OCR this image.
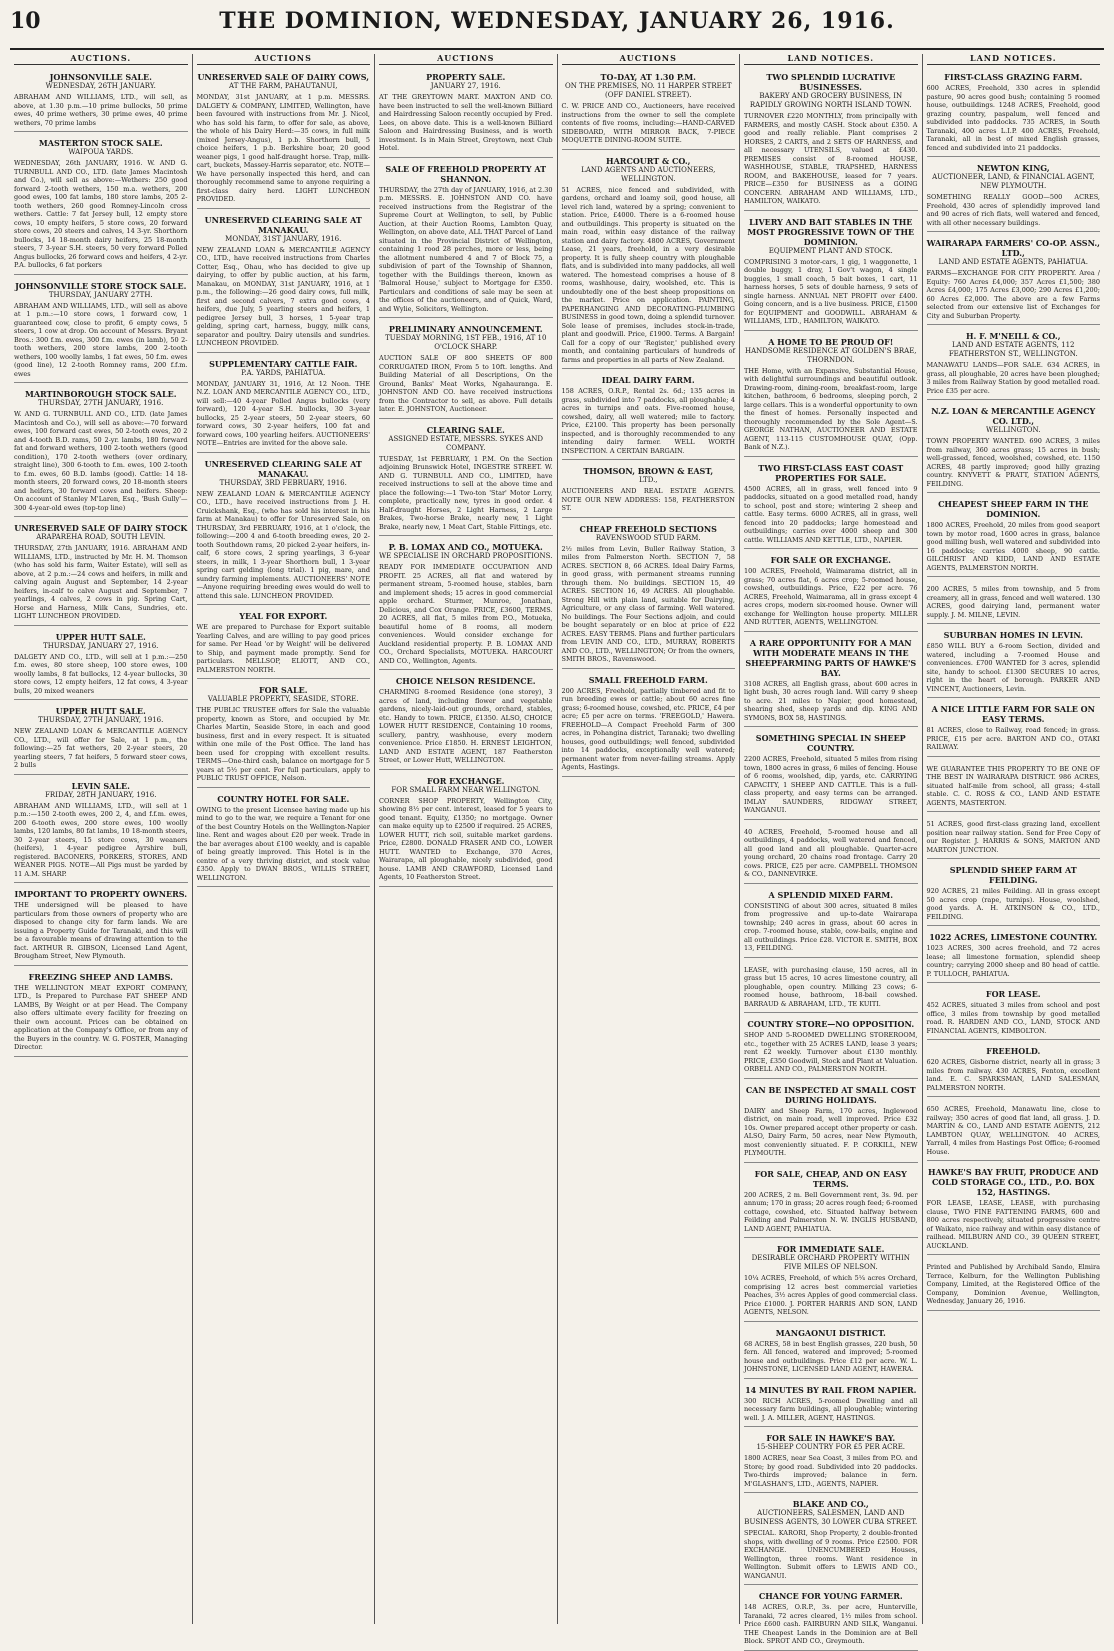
10	THE DOMINION, WEDNESDAY, JANUARY 26, 1916.
AUCTIONS.
JOHNSONVILLE SALE.
WEDNESDAY, 26TH JANUARY.
ABRAHAM AND WILLIAMS, LTD., will sell, as above, at 1.30 p.m.—10 prime bullocks, 50 prime ewes, 40 prime wethers, 30 prime ewes, 40 prime wethers, 70 prime lambs
MASTERTON STOCK SALE.
WAIPOUA YARDS.
WEDNESDAY, 26th JANUARY, 1916. W. AND G. TURNBULL AND CO., LTD. (late James Macintosh and Co.), will sell as above:—Wethers: 250 good forward 2-tooth wethers, 150 m.a. wethers, 200 good ewes, 100 fat lambs, 180 store lambs, 205 2-tooth wethers, 260 good Romney-Lincoln cross wethers. Cattle: 7 fat Jersey bull, 12 empty store cows, 10 empty heifers, 5 store cows, 20 forward store cows, 20 steers and calves, 14 3-yr. Shorthorn bullocks, 14 18-month dairy heifers, 25 18-month steers, 7 3-year S.H. steers, 50 very forward Polled Angus bullocks, 26 forward cows and heifers, 4 2-yr. P.A. bullocks, 6 fat porkers
JOHNSONVILLE STORE STOCK SALE.
THURSDAY, JANUARY 27TH.
ABRAHAM AND WILLIAMS, LTD., will sell as above at 1 p.m.:—10 store cows, 1 forward cow, 1 guaranteed cow, close to profit, 6 empty cows, 5 steers, 1 cow at drop. On account of Messrs. Bryant Bros.: 300 f.m. ewes, 300 f.m. ewes (in lamb), 50 2-tooth wethers, 200 store lambs, 200 2-tooth wethers, 100 woolly lambs, 1 fat ewes, 50 f.m. ewes (good line), 12 2-tooth Romney rams, 200 f.f.m. ewes
MARTINBOROUGH STOCK SALE.
THURSDAY, 27TH JANUARY, 1916.
W. AND G. TURNBULL AND CO., LTD. (late James Macintosh and Co.), will sell as above:—70 forward ewes, 100 forward cast ewes, 50 2-tooth ewes, 20 2 and 4-tooth B.D. rams, 50 2-yr. lambs, 180 forward fat and forward wethers, 100 2-tooth wethers (good condition), 170 2-tooth wethers (over ordinary, straight line), 300 6-tooth to f.m. ewes, 100 2-tooth to f.m. ewes, 60 B.D. lambs (good). Cattle: 14 18-month steers, 20 forward cows, 20 18-month steers and heifers, 30 forward cows and heifers. Sheep: On account of Stanley M'Laren, Esq., 'Bush Gully'—300 4-year-old ewes (top-top line)
UNRESERVED SALE OF DAIRY STOCK
ARAPAREHA ROAD, SOUTH LEVIN.
THURSDAY, 27th JANUARY, 1916. ABRAHAM AND WILLIAMS, LTD., instructed by Mr. H. M. Thomson (who has sold his farm, Waiter Estate), will sell as above, at 2 p.m.:—24 cows and heifers, in milk and calving again August and September, 14 2-year heifers, in-calf to calve August and September, 7 yearlings, 4 calves, 2 cows in pig. Spring Cart, Horse and Harness, Milk Cans, Sundries, etc. LIGHT LUNCHEON PROVIDED.
UPPER HUTT SALE.
THURSDAY, JANUARY 27, 1916.
DALGETY AND CO., LTD., will sell at 1 p.m.:—250 f.m. ewes, 80 store sheep, 100 store ewes, 100 woolly lambs, 8 fat bullocks, 12 4-year bullocks, 30 store cows, 12 empty heifers, 12 fat cows, 4 3-year bulls, 20 mixed weaners
UPPER HUTT SALE.
THURSDAY, 27TH JANUARY, 1916.
NEW ZEALAND LOAN & MERCANTILE AGENCY CO., LTD., will offer for Sale, at 1 p.m., the following:—25 fat wethers, 20 2-year steers, 20 yearling steers, 7 fat heifers, 5 forward steer cows, 2 bulls
LEVIN SALE.
FRIDAY, 28TH JANUARY, 1916.
ABRAHAM AND WILLIAMS, LTD., will sell at 1 p.m.:—150 2-tooth ewes, 200 2, 4, and f.f.m. ewes, 200 6-tooth ewes, 200 store ewes, 100 woolly lambs, 120 lambs, 80 fat lambs, 10 18-month steers, 30 2-year steers, 15 store cows, 30 weaners (heifers), 1 4-year pedigree Ayrshire bull, registered. BACONERS, PORKERS, STORES, AND WEANER PIGS. NOTE—All Pigs must be yarded by 11 A.M. SHARP.
IMPORTANT TO PROPERTY OWNERS.
THE undersigned will be pleased to have particulars from those owners of property who are disposed to change city for farm lands. We are issuing a Property Guide for Taranaki, and this will be a favourable means of drawing attention to the fact. ARTHUR R. GIBSON, Licensed Land Agent, Brougham Street, New Plymouth.
FREEZING SHEEP AND LAMBS.
THE WELLINGTON MEAT EXPORT COMPANY, LTD., Is Prepared to Purchase FAT SHEEP AND LAMBS, By Weight or at per Head. The Company also offers ultimate every facility for freezing on their own account. Prices can be obtained on application at the Company's Office, or from any of the Buyers in the country. W. G. FOSTER, Managing Director.
AUCTIONS
UNRESERVED SALE OF DAIRY COWS,
AT THE FARM, PAHAUTANUI,
MONDAY, 31st JANUARY, at 1 p.m. MESSRS. DALGETY & COMPANY, LIMITED, Wellington, have been favoured with instructions from Mr. J. Nicol, who has sold his farm, to offer for sale, as above, the whole of his Dairy Herd:—35 cows, in full milk (mixed Jersey-Angus), 1 p.b. Shorthorn bull, 5 choice heifers, 1 p.b. Berkshire boar, 20 good weaner pigs, 1 good half-draught horse. Trap, milk-cart, buckets, Massey-Harris separator, etc. NOTE—We have personally inspected this herd, and can thoroughly recommend same to anyone requiring a first-class dairy herd. LIGHT LUNCHEON PROVIDED.
UNRESERVED CLEARING SALE AT MANAKAU.
MONDAY, 31ST JANUARY, 1916.
NEW ZEALAND LOAN & MERCANTILE AGENCY CO., LTD., have received instructions from Charles Cotter, Esq., Ohau, who has decided to give up dairying, to offer by public auction, at his farm, Manakau, on MONDAY, 31st JANUARY, 1916, at 1 p.m., the following:—26 good dairy cows, full milk, first and second calvers, 7 extra good cows, 4 heifers, due July, 5 yearling steers and heifers, 1 pedigree Jersey bull, 3 horses, 1 5-year trap gelding, spring cart, harness, buggy, milk cans, separator and poultry. Dairy utensils and sundries. LUNCHEON PROVIDED.
SUPPLEMENTARY CATTLE FAIR.
P.A. YARDS, PAHIATUA.
MONDAY, JANUARY 31, 1916, At 12 Noon. THE N.Z. LOAN AND MERCANTILE AGENCY CO., LTD., will sell:—40 4-year Polled Angus bullocks (very forward), 120 4-year S.H. bullocks, 30 3-year bullocks, 25 2-year steers, 50 2-year steers, 60 forward cows, 30 2-year heifers, 100 fat and forward cows, 100 yearling heifers. AUCTIONEERS' NOTE—Entries are invited for the above sale.
UNRESERVED CLEARING SALE AT MANAKAU.
THURSDAY, 3RD FEBRUARY, 1916.
NEW ZEALAND LOAN & MERCANTILE AGENCY CO., LTD., have received instructions from J. H. Cruickshank, Esq., (who has sold his interest in his farm at Manakau) to offer for Unreserved Sale, on THURSDAY, 3rd FEBRUARY, 1916, at 1 o'clock, the following:—200 4 and 6-tooth breeding ewes, 20 2-tooth Southdown rams, 20 picked 2-year heifers, in-calf, 6 store cows, 2 spring yearlings, 3 6-year steers, in milk, 1 3-year Shorthorn bull, 1 3-year spring cart gelding (long trial). 1 pig, mare, and sundry farming implements. AUCTIONEERS' NOTE—Anyone requiring breeding ewes would do well to attend this sale. LUNCHEON PROVIDED.
YEAL FOR EXPORT.
WE are prepared to Purchase for Export suitable Yearling Calves, and are willing to pay good prices for same. Per Head 'or by Weight' will be delivered to Ship, and payment made promptly. Send for particulars. MELLSOP, ELIOTT, AND CO., PALMERSTON NORTH.
FOR SALE.
VALUABLE PROPERTY, SEASIDE, STORE.
THE PUBLIC TRUSTEE offers for Sale the valuable property, known as Store, and occupied by Mr. Charles Martin, Seaside Store, in each and good business, first and in every respect. It is situated within one mile of the Post Office. The land has been used for cropping with excellent results. TERMS—One-third cash, balance on mortgage for 5 years at 5½ per cent. For full particulars, apply to PUBLIC TRUST OFFICE, Nelson.
COUNTRY HOTEL FOR SALE.
OWING to the present Licensee having made up his mind to go to the war, we require a Tenant for one of the best Country Hotels on the Wellington-Napier line. Rent and wages about £20 per week. Trade in the bar averages about £100 weekly, and is capable of being greatly improved. This Hotel is in the centre of a very thriving district, and stock value £350. Apply to DWAN BROS., WILLIS STREET, WELLINGTON.
AUCTIONS
PROPERTY SALE.
JANUARY 27, 1916.
AT THE GREYTOWN MART. MAXTON AND CO. have been instructed to sell the well-known Billiard and Hairdressing Saloon recently occupied by Fred. Lees, on above date. This is a well-known Billiard Saloon and Hairdressing Business, and is worth investment. Is in Main Street, Greytown, next Club Hotel.
SALE OF FREEHOLD PROPERTY AT SHANNON.
THURSDAY, the 27th day of JANUARY, 1916, at 2.30 p.m. MESSRS. E. JOHNSTON AND CO. have received instructions from the Registrar of the Supreme Court at Wellington, to sell, by Public Auction, at their Auction Rooms, Lambton Quay, Wellington, on above date, ALL THAT Parcel of Land situated in the Provincial District of Wellington, containing 1 rood 28 perches, more or less, being the allotment numbered 4 and 7 of Block 75, a subdivision of part of the Township of Shannon, together with the Buildings thereon, known as 'Balmoral House,' subject to Mortgage for £350. Particulars and conditions of sale may be seen at the offices of the auctioneers, and of Quick, Ward, and Wylie, Solicitors, Wellington.
PRELIMINARY ANNOUNCEMENT.
TUESDAY MORNING, 1ST FEB., 1916, AT 10 O'CLOCK SHARP.
AUCTION SALE OF 800 SHEETS OF 800 CORRUGATED IRON, From 5 to 10ft. lengths. And Building Material of all Descriptions, On the Ground, Banks' Meat Works, Ngahauranga. E. JOHNSTON AND CO. have received instructions from the Contractor to sell, as above. Full details later. E. JOHNSTON, Auctioneer.
CLEARING SALE.
ASSIGNED ESTATE, MESSRS. SYKES AND COMPANY.
TUESDAY, 1st FEBRUARY, 1 P.M. On the Section adjoining Brunswick Hotel, INGESTRE STREET. W. AND G. TURNBULL AND CO., LIMITED, have received instructions to sell at the above time and place the following:—1 Two-ton 'Star' Motor Lorry, complete, practically new, tyres in good order. 4 Half-draught Horses, 2 Light Harness, 2 Large Brakes, Two-horse Brake, nearly new, 1 Light Brake, nearly new, 1 Meat Cart, Stable Fittings, etc.
P. B. LOMAX AND CO., MOTUEKA.
WE SPECIALISE IN ORCHARD PROPOSITIONS.
READY FOR IMMEDIATE OCCUPATION AND PROFIT. 25 ACRES, all flat and watered by permanent stream, 5-roomed house, stables, barn and implement sheds; 15 acres in good commercial apple orchard. Sturmer, Munroe, Jonathan, Delicious, and Cox Orange. PRICE, £3600, TERMS. 20 ACRES, all flat, 5 miles from P.O., Motueka, beautiful home of 8 rooms, all modern conveniences. Would consider exchange for Auckland residential property. P. B. LOMAX AND CO., Orchard Specialists, MOTUEKA. HARCOURT AND CO., Wellington, Agents.
CHOICE NELSON RESIDENCE.
CHARMING 8-roomed Residence (one storey), 3 acres of land, including flower and vegetable gardens, nicely-laid-out grounds, orchard, stables, etc. Handy to town. PRICE, £1350. ALSO, CHOICE LOWER HUTT RESIDENCE, Containing 10 rooms, scullery, pantry, washhouse, every modern convenience. Price £1850. H. ERNEST LEIGHTON, LAND AND ESTATE AGENT, 187 Featherston Street, or Lower Hutt, WELLINGTON.
FOR EXCHANGE.
FOR SMALL FARM NEAR WELLINGTON.
CORNER SHOP PROPERTY, Wellington City, showing 8½ per cent. interest, leased for 5 years to good tenant. Equity, £1350; no mortgage. Owner can make equity up to £2500 if required. 25 ACRES, LOWER HUTT, rich soil, suitable market gardens. Price, £2800. DONALD FRASER AND CO., LOWER HUTT. WANTED to Exchange, 370 Acres, Wairarapa, all ploughable, nicely subdivided, good house. LAMB AND CRAWFORD, Licensed Land Agents, 10 Featherston Street.
AUCTIONS
TO-DAY, AT 1.30 P.M.
ON THE PREMISES, NO. 11 HARPER STREET (OFF DANIEL STREET).
C. W. PRICE AND CO., Auctioneers, have received instructions from the owner to sell the complete contents of five rooms, including:—HAND-CARVED SIDEBOARD, WITH MIRROR BACK, 7-PIECE MOQUETTE DINING-ROOM SUITE.
HARCOURT & CO.,
LAND AGENTS AND AUCTIONEERS, WELLINGTON.
51 ACRES, nice fenced and subdivided, with gardens, orchard and loamy soil, good house, all level rich land, watered by a spring; convenient to station. Price, £4000. There is a 6-roomed house and outbuildings. This property is situated on the main road, within easy distance of the railway station and dairy factory. 4800 ACRES, Government Lease, 21 years, freehold, in a very desirable property. It is fully sheep country with ploughable flats, and is subdivided into many paddocks, all well watered. The homestead comprises a house of 8 rooms, washhouse, dairy, woolshed, etc. This is undoubtedly one of the best sheep propositions on the market. Price on application. PAINTING, PAPERHANGING AND DECORATING-PLUMBING BUSINESS in good town, doing a splendid turnover. Sole lease of premises, includes stock-in-trade, plant and goodwill. Price, £1900. Terms. A Bargain! Call for a copy of our 'Register,' published every month, and containing particulars of hundreds of farms and properties in all parts of New Zealand.
IDEAL DAIRY FARM.
158 ACRES, O.R.P., Rental 2s. 6d.; 135 acres in grass, subdivided into 7 paddocks, all ploughable; 4 acres in turnips and oats. Five-roomed house, cowshed, dairy, all well watered; mile to factory. Price, £2100. This property has been personally inspected, and is thoroughly recommended to any intending dairy farmer. WELL WORTH INSPECTION. A CERTAIN BARGAIN.
THOMSON, BROWN & EAST,
LTD.,
AUCTIONEERS AND REAL ESTATE AGENTS. NOTE OUR NEW ADDRESS: 158, FEATHERSTON ST.
CHEAP FREEHOLD SECTIONS
RAVENSWOOD STUD FARM.
2½ miles from Levin, Buller Railway Station, 3 miles from Palmerston North. SECTION 7, 58 ACRES. SECTION 8, 66 ACRES. Ideal Dairy Farms, in good grass, with permanent streams running through them. No buildings. SECTION 15, 49 ACRES. SECTION 16, 49 ACRES. All ploughable. Strong Hill with plain land, suitable for Dairying, Agriculture, or any class of farming. Well watered. No buildings. The Four Sections adjoin, and could be bought separately or en bloc at price of £22 ACRES. EASY TERMS. Plans and further particulars from LEVIN AND CO., LTD., MURRAY, ROBERTS AND CO., LTD., WELLINGTON; Or from the owners, SMITH BROS., Ravenswood.
SMALL FREEHOLD FARM.
200 ACRES, Freehold, partially timbered and fit to run breeding ewes or cattle; about 60 acres fine grass; 6-roomed house, cowshed, etc. PRICE, £4 per acre; £5 per acre on terms. 'FREEGOLD,' Hawera. FREEHOLD—A Compact Freehold Farm of 300 acres, in Pohangina district, Taranaki; two dwelling houses, good outbuildings; well fenced, subdivided into 14 paddocks, exceptionally well watered; permanent water from never-failing streams. Apply Agents, Hastings.
LAND NOTICES.
TWO SPLENDID LUCRATIVE BUSINESSES.
BAKERY AND GROCERY BUSINESS, IN RAPIDLY GROWING NORTH ISLAND TOWN.
TURNOVER £220 MONTHLY, from principally with FARMERS, and mostly CASH. Stock about £350. A good and really reliable. Plant comprises 2 HORSES, 2 CARTS, and 2 SETS OF HARNESS, and all necessary UTENSILS, valued at £430. PREMISES consist of 8-roomed HOUSE, WASHHOUSE, STABLE, TRAPSHED, HARNESS ROOM, and BAKEHOUSE, leased for 7 years. PRICE—£350 for BUSINESS as a GOING CONCERN. ABRAHAM AND WILLIAMS, LTD., HAMILTON, WAIKATO.
LIVERY AND BAIT STABLES IN THE MOST PROGRESSIVE TOWN OF THE DOMINION.
EQUIPMENT PLANT AND STOCK.
COMPRISING 3 motor-cars, 1 gig, 1 waggonette, 1 double buggy, 1 dray, 1 Gov't wagon, 4 single buggies, 1 small coach, 5 bait boxes, 1 cart, 11 harness horses, 5 sets of double harness, 9 sets of single harness. ANNUAL NET PROFIT over £400. Going concern, and is a live business. PRICE, £1500 for EQUIPMENT and GOODWILL. ABRAHAM & WILLIAMS, LTD., HAMILTON, WAIKATO.
A HOME TO BE PROUD OF!
HANDSOME RESIDENCE AT GOLDEN'S BRAE, THORNDON.
THE Home, with an Expansive, Substantial House, with delightful surroundings and beautiful outlook. Drawing-room, dining-room, breakfast-room, large kitchen, bathroom, 6 bedrooms, sleeping porch, 2 large cellars. This is a wonderful opportunity to own the finest of homes. Personally inspected and thoroughly recommended by the Sole Agent—S. GEORGE NATHAN, AUCTIONEER AND ESTATE AGENT, 113-115 CUSTOMHOUSE QUAY, (Opp. Bank of N.Z.).
TWO FIRST-CLASS EAST COAST PROPERTIES FOR SALE.
4500 ACRES, all in grass, well fenced into 9 paddocks, situated on a good metalled road, handy to school, post and store; wintering 2 sheep and cattle. Easy terms. 6000 ACRES, all in grass, well fenced into 20 paddocks; large homestead and outbuildings; carries over 4000 sheep and 300 cattle. WILLIAMS AND KETTLE, LTD., NAPIER.
FOR SALE OR EXCHANGE.
100 ACRES, Freehold, Waimarama district, all in grass; 70 acres flat, 6 acres crop; 5-roomed house, cowshed, outbuildings. Price, £22 per acre. 76 ACRES, Freehold, Waimarama, all in grass except 4 acres crops, modern six-roomed house. Owner will exchange for Wellington house property. MILLER AND RUTTER, AGENTS, WELLINGTON.
A RARE OPPORTUNITY FOR A MAN WITH MODERATE MEANS IN THE SHEEPFARMING PARTS OF HAWKE'S BAY.
3108 ACRES, all English grass, about 600 acres in light bush, 30 acres rough land. Will carry 9 sheep to acre. 21 miles to Napier, good homestead, shearing shed, sheep yards and dip. KING AND SYMONS, BOX 58, HASTINGS.
SOMETHING SPECIAL IN SHEEP COUNTRY.
2200 ACRES, Freehold, situated 5 miles from rising town, 1800 acres in grass, 6 miles of fencing. House of 6 rooms, woolshed, dip, yards, etc. CARRYING CAPACITY, 1 SHEEP AND CATTLE. This is a full-class property, and easy terms can be arranged. IMLAY SAUNDERS, RIDGWAY STREET, WANGANUI.
40 ACRES, Freehold, 5-roomed house and all outbuildings, 4 paddocks, well watered and fenced, all good land and all ploughable. Quarter-acre young orchard, 20 chains road frontage. Carry 20 cows. PRICE, £25 per acre. CAMPBELL THOMSON & CO., DANNEVIRKE.
A SPLENDID MIXED FARM.
CONSISTING of about 300 acres, situated 8 miles from progressive and up-to-date Wairarapa township; 240 acres in grass, about 60 acres in crop. 7-roomed house, stable, cow-bails, engine and all outbuildings. Price £28. VICTOR E. SMITH, BOX 13, FEILDING.
LEASE, with purchasing clause, 150 acres, all in grass but 15 acres, 10 acres limestone country, all ploughable, open country. Milking 23 cows; 6-roomed house, bathroom, 18-bail cowshed. BARRAUD & ABRAHAM, LTD., TE KUITI.
COUNTRY STORE—NO OPPOSITION.
SHOP AND 5-ROOMED DWELLING STOREROOM, etc., together with 25 ACRES LAND, lease 3 years; rent £2 weekly. Turnover about £130 monthly. PRICE, £350 Goodwill, Stock and Plant at Valuation. ORBELL AND CO., PALMERSTON NORTH.
CAN BE INSPECTED AT SMALL COST DURING HOLIDAYS.
DAIRY and Sheep Farm, 170 acres, Inglewood district, on main road, well improved. Price £32 10s. Owner prepared accept other property or cash. ALSO, Dairy Farm, 50 acres, near New Plymouth, most conveniently situated. F. P. CORKILL, NEW PLYMOUTH.
FOR SALE, CHEAP, AND ON EASY TERMS.
200 ACRES, 2 m. Bell Government rent, 3s. 9d. per annum; 170 in grass; 20 acres rough feed; 6-roomed cottage, cowshed, etc. Situated halfway between Feilding and Palmerston N. W. INGLIS HUSBAND, LAND AGENT, PAHIATUA.
FOR IMMEDIATE SALE.
DESIRABLE ORCHARD PROPERTY WITHIN FIVE MILES OF NELSON.
10¼ ACRES, Freehold, of which 5¼ acres Orchard, comprising 12 acres best commercial varieties Peaches, 3½ acres Apples of good commercial class. Price £1000. J. PORTER HARRIS AND SON, LAND AGENTS, NELSON.
MANGAONUI DISTRICT.
68 ACRES, 58 in best English grasses, 220 bush, 50 fern. All fenced, watered and improved; 5-roomed house and outbuildings. Price £12 per acre. W. L. JOHNSTONE, LICENSED LAND AGENT, HAWERA.
14 MINUTES BY RAIL FROM NAPIER.
300 RICH ACRES, 5-roomed Dwelling and all necessary farm buildings, all ploughable; wintering well. J. A. MILLER, AGENT, HASTINGS.
FOR SALE IN HAWKE'S BAY.
15-SHEEP COUNTRY FOR £5 PER ACRE.
1800 ACRES, near Sea Coast, 3 miles from P.O. and Store; by good road. Subdivided into 20 paddocks. Two-thirds improved; balance in fern. M'GLASHAN'S, LTD., AGENTS, NAPIER.
BLAKE AND CO.,
AUCTIONEERS, SALESMEN, LAND AND BUSINESS AGENTS, 30 LOWER CUBA STREET.
SPECIAL. KARORI, Shop Property, 2 double-fronted shops, with dwelling of 9 rooms. Price £2500. FOR EXCHANGE. UNENCUMBERED Houses, Wellington, three rooms. Want residence in Wellington. Submit offers to LEWIS AND CO., WANGANUI.
CHANCE FOR YOUNG FARMER.
148 ACRES, O.R.P., 3s. per acre, Hunterville, Taranaki, 72 acres cleared, 1½ miles from school. Price £600 cash. FAIRBURN AND SILK, Wanganui. THE Cheapest Lands in the Dominion are at Bell Block. SPROT AND CO., Greymouth.
LAND NOTICES.
FIRST-CLASS GRAZING FARM.
600 ACRES, Freehold, 330 acres in splendid pasture, 90 acres good bush; containing 5 roomed house, outbuildings. 1248 ACRES, Freehold, good grazing country, paspalum, well fenced and subdivided into paddocks. 735 ACRES, in South Taranaki, 400 acres L.I.P. 400 ACRES, Freehold, Taranaki, all in best of mixed English grasses, fenced and subdivided into 21 paddocks.
NEWTON KING,
AUCTIONEER, LAND, & FINANCIAL AGENT, NEW PLYMOUTH.
SOMETHING REALLY GOOD—500 ACRES, Freehold, 430 acres of splendidly improved land and 90 acres of rich flats, well watered and fenced, with all other necessary buildings.
WAIRARAPA FARMERS' CO-OP. ASSN., LTD.,
LAND AND ESTATE AGENTS, PAHIATUA.
FARMS—EXCHANGE FOR CITY PROPERTY. Area / Equity: 760 Acres £4,000; 357 Acres £1,500; 380 Acres £4,000; 175 Acres £3,000; 290 Acres £1,200; 60 Acres £2,000. The above are a few Farms selected from our extensive list of Exchanges for City and Suburban Property.
H. F. M'NEILL & CO.,
LAND AND ESTATE AGENTS, 112 FEATHERSTON ST., WELLINGTON.
MANAWATU LANDS—FOR SALE. 634 ACRES, in grass, all ploughable, 20 acres have been ploughed; 3 miles from Railway Station by good metalled road. Price £35 per acre.
N.Z. LOAN & MERCANTILE AGENCY CO. LTD.,
WELLINGTON.
TOWN PROPERTY WANTED. 690 ACRES, 3 miles from railway, 360 acres grass; 15 acres in bush; well-grassed, fenced, woolshed, cowshed, etc. 1150 ACRES, 48 partly improved; good hilly grazing country. KNYVETT & PRATT, STATION AGENTS, FEILDING.
CHEAPEST SHEEP FARM IN THE DOMINION.
1800 ACRES, Freehold, 20 miles from good seaport town by motor road, 1600 acres in grass, balance good milling bush, well watered and subdivided into 16 paddocks; carries 4000 sheep, 90 cattle. GILCHRIST AND KIDD, LAND AND ESTATE AGENTS, PALMERSTON NORTH.
200 ACRES, 5 miles from township, and 5 from creamery, all in grass, fenced and well watered. 130 ACRES, good dairying land, permanent water supply. J. M. MILNE, LEVIN.
SUBURBAN HOMES IN LEVIN.
£850 WILL BUY a 6-room Section, divided and watered, including a 7-roomed House and conveniences. £700 WANTED for 3 acres, splendid site, handy to school. £1300 SECURES 10 acres, right in the heart of borough. PARKER AND VINCENT, Auctioneers, Levin.
A NICE LITTLE FARM FOR SALE ON EASY TERMS.
81 ACRES, close to Railway, road fenced; in grass. PRICE, £15 per acre. BARTON AND CO., OTAKI RAILWAY.
WE GUARANTEE THIS PROPERTY TO BE ONE OF THE BEST IN WAIRARAPA DISTRICT. 986 ACRES, situated half-mile from school, all grass; 4-stall stable. C. C. ROSS & CO., LAND AND ESTATE AGENTS, MASTERTON.
51 ACRES, good first-class grazing land, excellent position near railway station. Send for Free Copy of our Register. J. HARRIS & SONS, MARTON AND MARTON JUNCTION.
SPLENDID SHEEP FARM AT FEILDING.
920 ACRES, 21 miles Feilding. All in grass except 50 acres crop (rape, turnips). House, woolshed, good yards. A. H. ATKINSON & CO., LTD., FEILDING.
1022 ACRES, LIMESTONE COUNTRY.
1023 ACRES, 300 acres freehold, and 72 acres lease; all limestone formation, splendid sheep country; carrying 2000 sheep and 80 head of cattle. P. TULLOCH, PAHIATUA.
FOR LEASE.
452 ACRES, situated 3 miles from school and post office, 3 miles from township by good metalled road. R. HARDEN AND CO., LAND, STOCK AND FINANCIAL AGENTS, KIMBOLTON.
FREEHOLD.
620 ACRES, Gisborne district, nearly all in grass; 3 miles from railway. 430 ACRES, Fenton, excellent land. E. C. SPARKSMAN, LAND SALESMAN, PALMERSTON NORTH.
650 ACRES, Freehold, Manawatu line, close to railway; 350 acres of good flat land, all grass. J. D. MARTIN & CO., LAND AND ESTATE AGENTS, 212 LAMBTON QUAY, WELLINGTON. 40 ACRES, Yarrall, 4 miles from Hastings Post Office; 6-roomed House.
HAWKE'S BAY FRUIT, PRODUCE AND COLD STORAGE CO., LTD., P.O. BOX 152, HASTINGS.
FOR LEASE, LEASE, LEASE, with purchasing clause, TWO FINE FATTENING FARMS, 600 and 800 acres respectively, situated progressive centre of Waikato, nice railway and within easy distance of railhead. MILBURN AND CO., 39 QUEEN STREET, AUCKLAND.
Printed and Published by Archibald Sando, Elmira Terrace, Kelburn, for the Wellington Publishing Company, Limited, at the Registered Office of the Company, Dominion Avenue, Wellington, Wednesday, January 26, 1916.
